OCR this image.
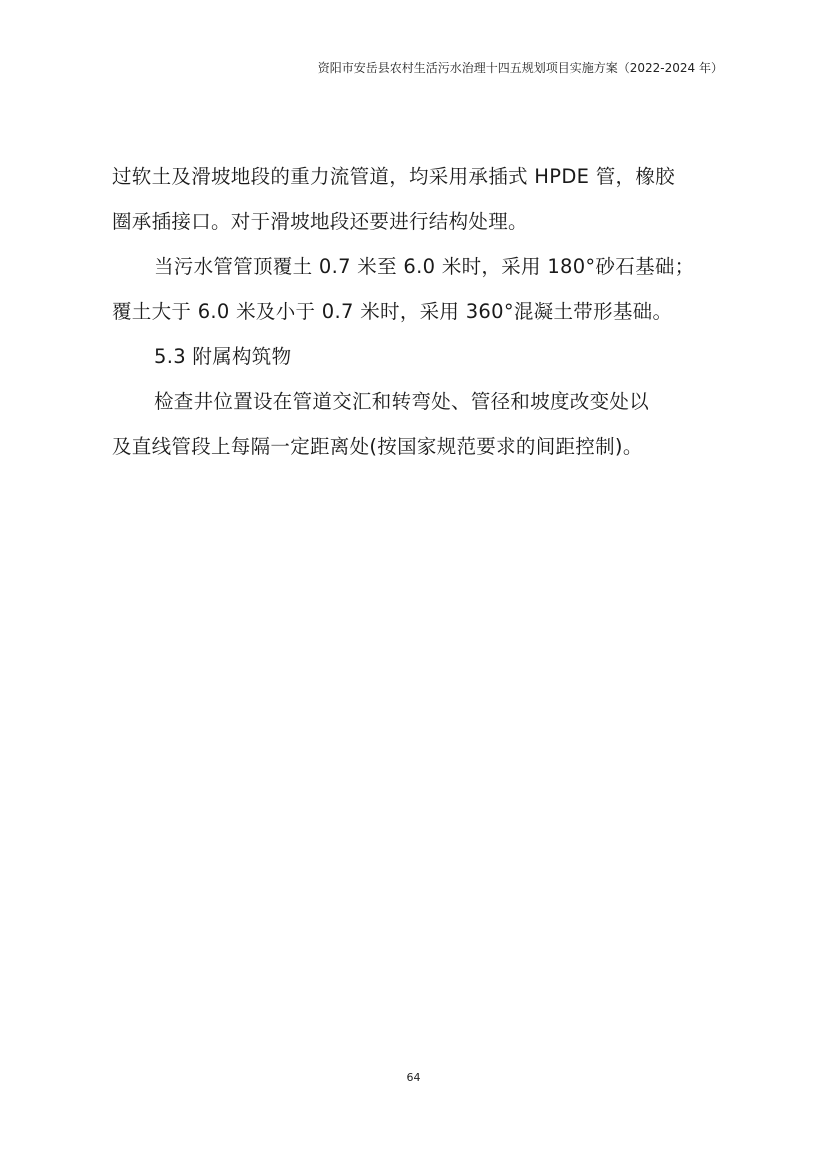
资阳市安岳县农村生活污水治理十四五规划项目实施方案（2022-2024 年）
过软土及滑坡地段的重力流管道，均采用承插式 HPDE 管，橡胶
圈承插接口。对于滑坡地段还要进行结构处理。
当污水管管顶覆土 0.7 米至 6.0 米时，采用 180°砂石基础；
覆土大于 6.0 米及小于 0.7 米时，采用 360°混凝土带形基础。
5.3 附属构筑物
检查井位置设在管道交汇和转弯处、管径和坡度改变处以
及直线管段上每隔一定距离处(按国家规范要求的间距控制)。
64
